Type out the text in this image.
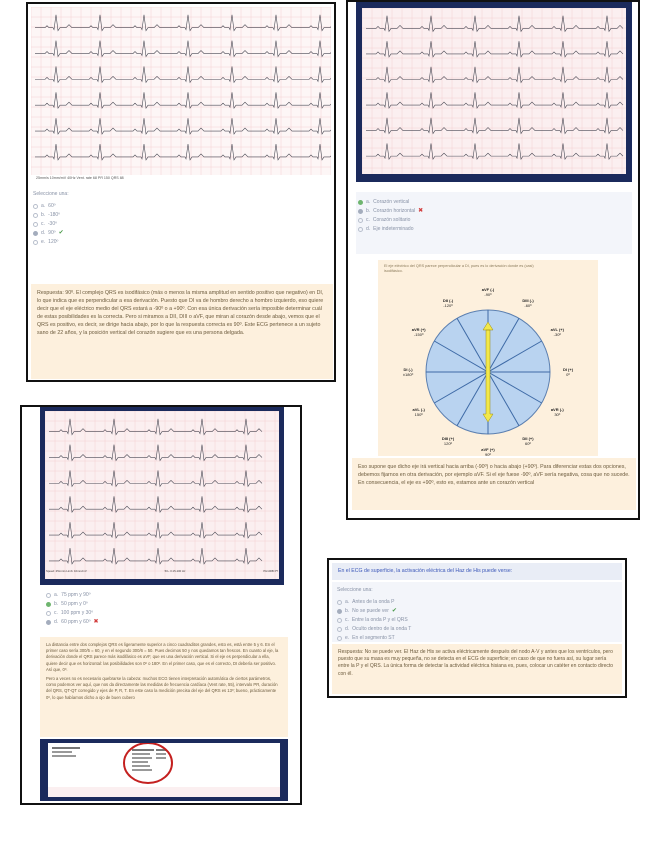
25mm/s 10mm/mV 40Hz Vent. rate 68 PR 150 QRS 88
Seleccione una:
a. 60º
b. -180º
c. -30º
d. 90º ✔
e. 120º

Respuesta: 90º. El complejo QRS es isodifásico (más o menos la misma amplitud en sentido positivo que negativo) en DI, lo que indica que es perpendicular a esa derivación. Puesto que DI va de hombro derecho a hombro izquierdo, eso quiere decir que el eje eléctrico medio del QRS estará a -90º o a +90º. Con esa única derivación sería imposible determinar cuál de estas posibilidades es la correcta. Pero si miramos a DII, DIII o aVF, que miran al corazón desde abajo, vemos que el QRS es positivo, es decir, se dirige hacia abajo, por lo que la respuesta correcta es 90º. Este ECG pertenece a un sujeto sano de 22 años, y la posición vertical del corazón sugiere que es una persona delgada.

a. Corazón vertical
b. Corazón horizontal ✖
c. Corazón solitario
d. Eje indeterminado
El eje eléctrico del QRS parece perpendicular a DI, pues es lo derivación donde es (casi) isodifásico.
aVF (-)
-90º
DIII (-)
-60º
aVL (+)
-30º
DI (+)
0º
aVR (-)
30º
DII (+)
60º
aVF (+)
90º
DIII (+)
120º
aVL (-)
150º
DI (-)
±180º
aVR (+)
-150º
DII (-)
-120º

Eso supone que dicho eje irá vertical hacia arriba (-90º) o hacia abajo (+90º). Para diferenciar estas dos opciones, debemos fijarnos en otra derivación, por ejemplo aVF. Si el eje fuese -90º, aVF sería negativa, cosa que no sucede. En consecuencia, el eje es +90º, esto es, estamos ante un corazón vertical

Speed: 25mm/s Limb: 10mm/mV	50~ 0.15-100 Hz	PH100B P?
a. 75 ppm y 90º
b. 50 ppm y 0º
c. 100 ppm y 30º
d. 60 ppm y 60º ✖

La distancia entre dos complejos QRS es ligeramente superior a cinco cuadraditos grandes, esto es, está entre 5 y 6. En el primer caso sería 300/5 = 60, y en el segundo 300/6 = 50. Pues decimos 50 y nos quedamos tan frescos. En cuanto al eje, la derivación donde el QRS parece más isodifásico es aVF, que es una derivación vertical. Si el eje es perpendicular a ella, quiere decir que es horizontal: las posibilidades son 0º o 180º. En el primer caso, que es el correcto, DI debería ser positivo. Así que, 0º.

Pero a veces no es necesario quebrarse la cabeza: muchos ECG tienen interpretación automática de ciertos parámetros, como podemos ver aquí, que nos da directamente las medidas de frecuencia cardíaca (Vent rate, 55), intervalo PR, duración del QRS, QT-QT corregido y ejes de P, R, T. En este caso la medición precisa del eje del QRS es 13º; bueno, prácticamente 0º, lo que habíamos dicho a ojo de buen cubero

En el ECG de superficie, la activación eléctrica del Haz de His puede verse:
Seleccione una:
a. Antes de la onda P
b. No se puede ver ✔
c. Entre la onda P y el QRS
d. Oculto dentro de la onda T
e. En el segmento ST

Respuesta: No se puede ver. El Haz de His se activa eléctricamente después del nodo A-V y antes que los ventrículos, pero puesto que su masa es muy pequeña, no se detecta en el ECG de superficie; en caso de que no fuera así, su lugar sería entre la P y el QRS. La única forma de detectar la actividad eléctrica hisiana es, pues, colocar un catéter en contacto directo con él.
